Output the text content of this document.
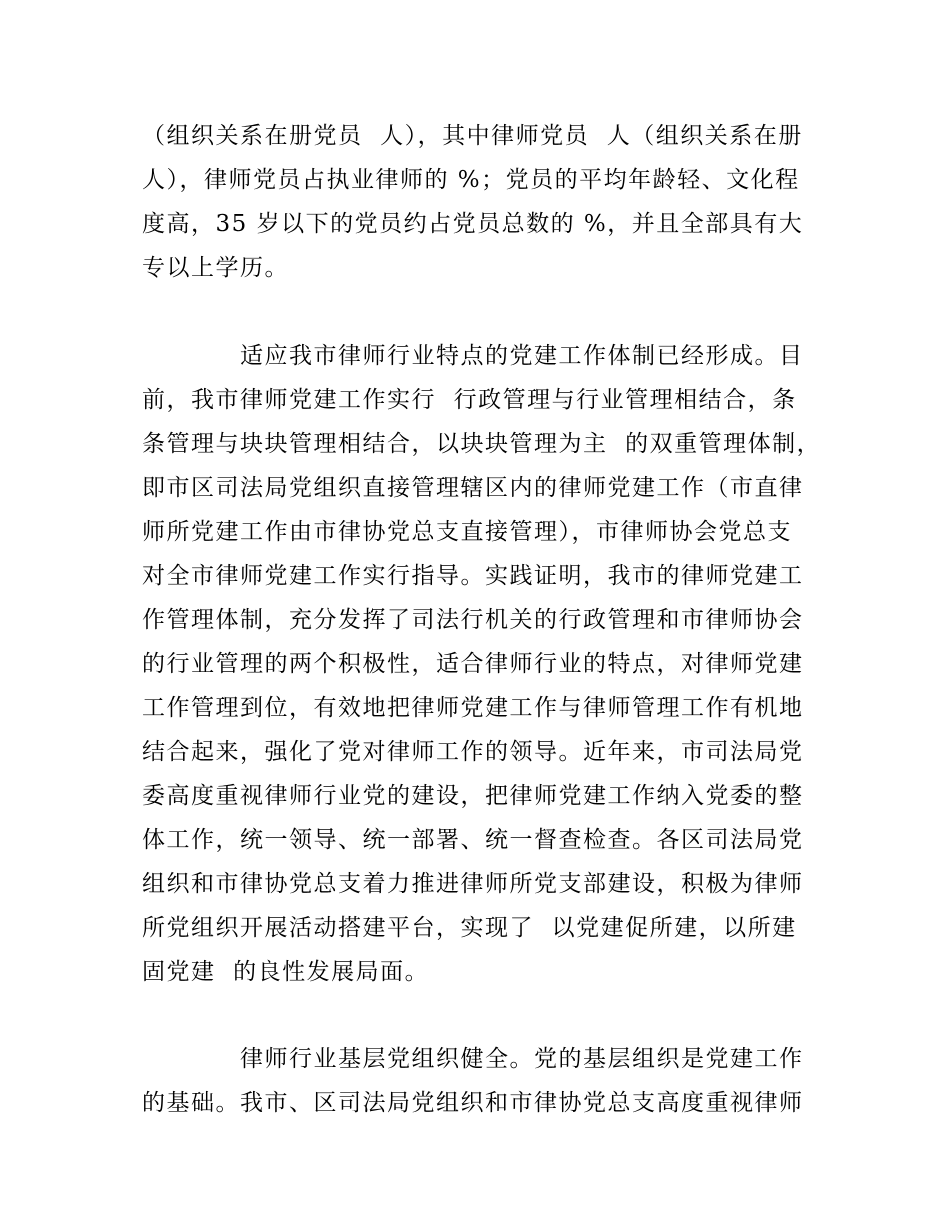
（组织关系在册党员  人），其中律师党员  人（组织关系在册
人），律师党员占执业律师的 %；党员的平均年龄轻、文化程
度高，35 岁以下的党员约占党员总数的 %，并且全部具有大
专以上学历。
适应我市律师行业特点的党建工作体制已经形成。目
前，我市律师党建工作实行  行政管理与行业管理相结合，条
条管理与块块管理相结合，以块块管理为主  的双重管理体制，
即市区司法局党组织直接管理辖区内的律师党建工作（市直律
师所党建工作由市律协党总支直接管理），市律师协会党总支
对全市律师党建工作实行指导。实践证明，我市的律师党建工
作管理体制，充分发挥了司法行机关的行政管理和市律师协会
的行业管理的两个积极性，适合律师行业的特点，对律师党建
工作管理到位，有效地把律师党建工作与律师管理工作有机地
结合起来，强化了党对律师工作的领导。近年来，市司法局党
委高度重视律师行业党的建设，把律师党建工作纳入党委的整
体工作，统一领导、统一部署、统一督查检查。各区司法局党
组织和市律协党总支着力推进律师所党支部建设，积极为律师
所党组织开展活动搭建平台，实现了  以党建促所建，以所建
固党建  的良性发展局面。
律师行业基层党组织健全。党的基层组织是党建工作
的基础。我市、区司法局党组织和市律协党总支高度重视律师
